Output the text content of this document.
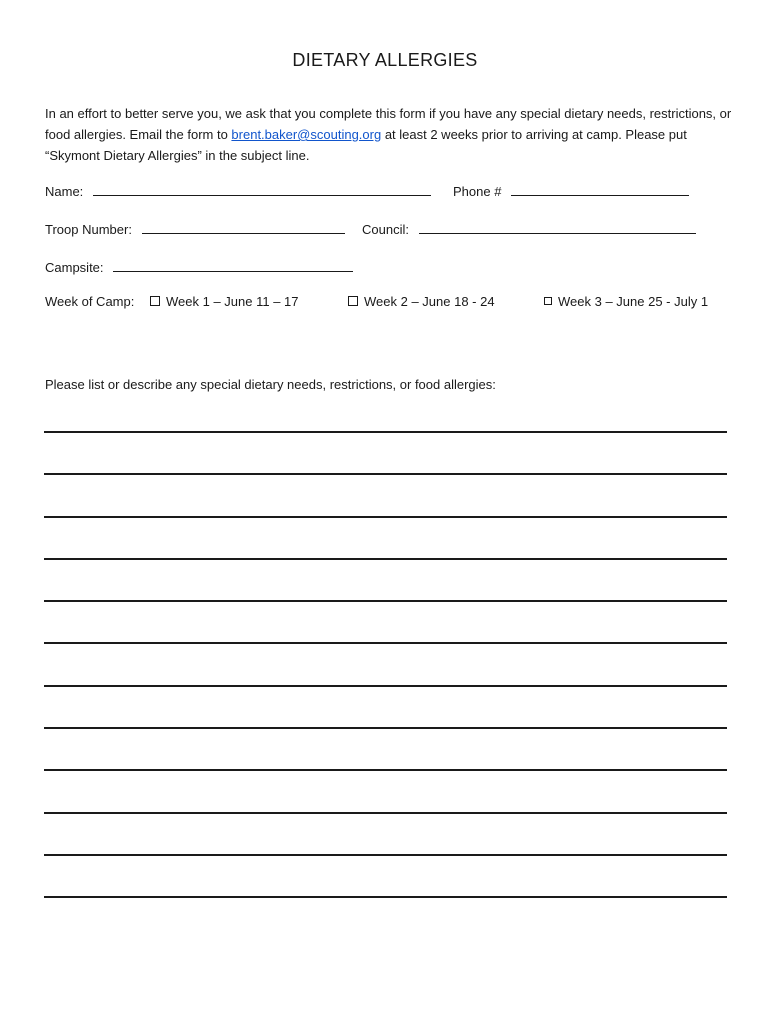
DIETARY ALLERGIES
In an effort to better serve you, we ask that you complete this form if you have any special dietary needs, restrictions, or food allergies. Email the form to brent.baker@scouting.org at least 2 weeks prior to arriving at camp. Please put “Skymont Dietary Allergies” in the subject line.
Name:	Phone #
Troop Number:	Council:
Campsite:
Week of Camp:	Week 1 – June 11 – 17	Week 2 – June 18 - 24	Week 3 – June 25 - July 1
Please list or describe any special dietary needs, restrictions, or food allergies:
